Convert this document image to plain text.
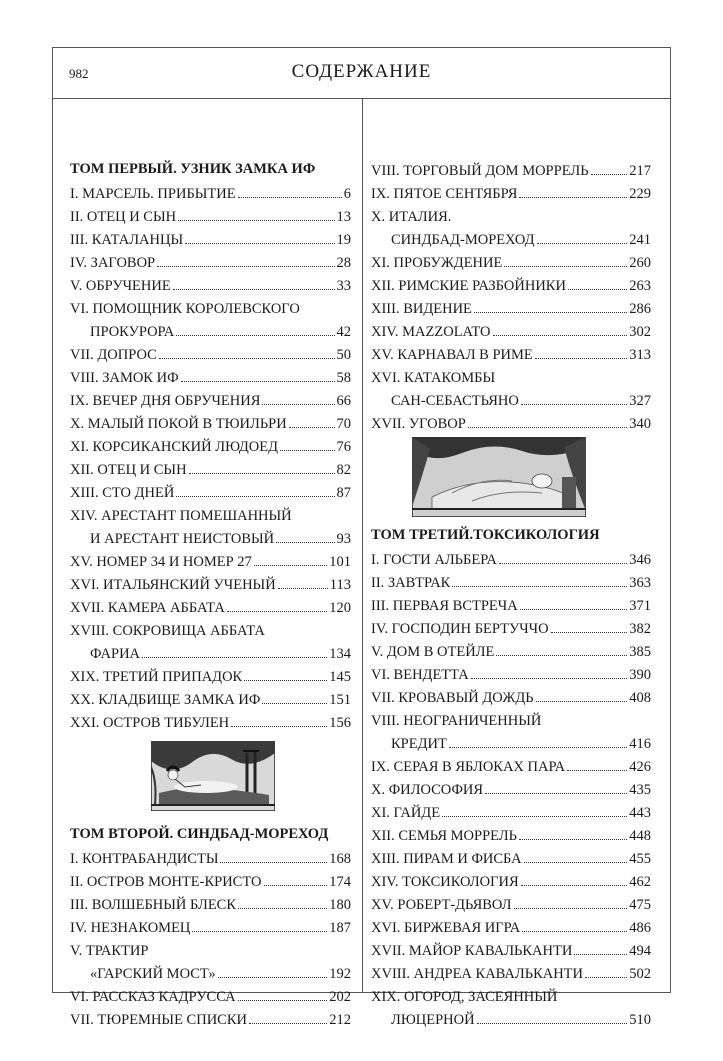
982	СОДЕРЖАНИЕ
ТОМ ПЕРВЫЙ. УЗНИК ЗАМКА ИФ
I. МАРСЕЛЬ. ПРИБЫТИЕ	6
II. ОТЕЦ И СЫН	13
III. КАТАЛАНЦЫ	19
IV. ЗАГОВОР	28
V. ОБРУЧЕНИЕ	33
VI. ПОМОЩНИК КОРОЛЕВСКОГО
ПРОКУРОРА	42
VII. ДОПРОС	50
VIII. ЗАМОК ИФ	58
IX. ВЕЧЕР ДНЯ ОБРУЧЕНИЯ	66
X. МАЛЫЙ ПОКОЙ В ТЮИЛЬРИ	70
XI. КОРСИКАНСКИЙ ЛЮДОЕД	76
XII. ОТЕЦ И СЫН	82
XIII. СТО ДНЕЙ	87
XIV. АРЕСТАНТ ПОМЕШАННЫЙ
И АРЕСТАНТ НЕИСТОВЫЙ	93
XV. НОМЕР 34 И НОМЕР 27	101
XVI. ИТАЛЬЯНСКИЙ УЧЕНЫЙ	113
XVII. КАМЕРА АББАТА	120
XVIII. СОКРОВИЩА АББАТА
ФАРИА	134
XIX. ТРЕТИЙ ПРИПАДОК	145
XX. КЛАДБИЩЕ ЗАМКА ИФ	151
XXI. ОСТРОВ ТИБУЛЕН	156
ТОМ ВТОРОЙ. СИНДБАД-МОРЕХОД
I. КОНТРАБАНДИСТЫ	168
II. ОСТРОВ МОНТЕ-КРИСТО	174
III. ВОЛШЕБНЫЙ БЛЕСК	180
IV. НЕЗНАКОМЕЦ	187
V. ТРАКТИР
«ГАРСКИЙ МОСТ»	192
VI. РАССКАЗ КАДРУССА	202
VII. ТЮРЕМНЫЕ СПИСКИ	212
VIII. ТОРГОВЫЙ ДОМ МОРРЕЛЬ	217
IX. ПЯТОЕ СЕНТЯБРЯ	229
X. ИТАЛИЯ.
СИНДБАД-МОРЕХОД	241
XI. ПРОБУЖДЕНИЕ	260
XII. РИМСКИЕ РАЗБОЙНИКИ	263
XIII. ВИДЕНИЕ	286
XIV. MAZZOLATO	302
XV. КАРНАВАЛ В РИМЕ	313
XVI. КАТАКОМБЫ
САН-СЕБАСТЬЯНО	327
XVII. УГОВОР	340
ТОМ ТРЕТИЙ.ТОКСИКОЛОГИЯ
I. ГОСТИ АЛЬБЕРА	346
II. ЗАВТРАК	363
III. ПЕРВАЯ ВСТРЕЧА	371
IV. ГОСПОДИН БЕРТУЧЧО	382
V. ДОМ В ОТЕЙЛЕ	385
VI. ВЕНДЕТТА	390
VII. КРОВАВЫЙ ДОЖДЬ	408
VIII. НЕОГРАНИЧЕННЫЙ
КРЕДИТ	416
IX. СЕРАЯ В ЯБЛОКАХ ПАРА	426
X. ФИЛОСОФИЯ	435
XI. ГАЙДЕ	443
XII. СЕМЬЯ МОРРЕЛЬ	448
XIII. ПИРАМ И ФИСБА	455
XIV. ТОКСИКОЛОГИЯ	462
XV. РОБЕРТ-ДЬЯВОЛ	475
XVI. БИРЖЕВАЯ ИГРА	486
XVII. МАЙОР КАВАЛЬКАНТИ	494
XVIII. АНДРЕА КАВАЛЬКАНТИ	502
XIX. ОГОРОД, ЗАСЕЯННЫЙ
ЛЮЦЕРНОЙ	510
